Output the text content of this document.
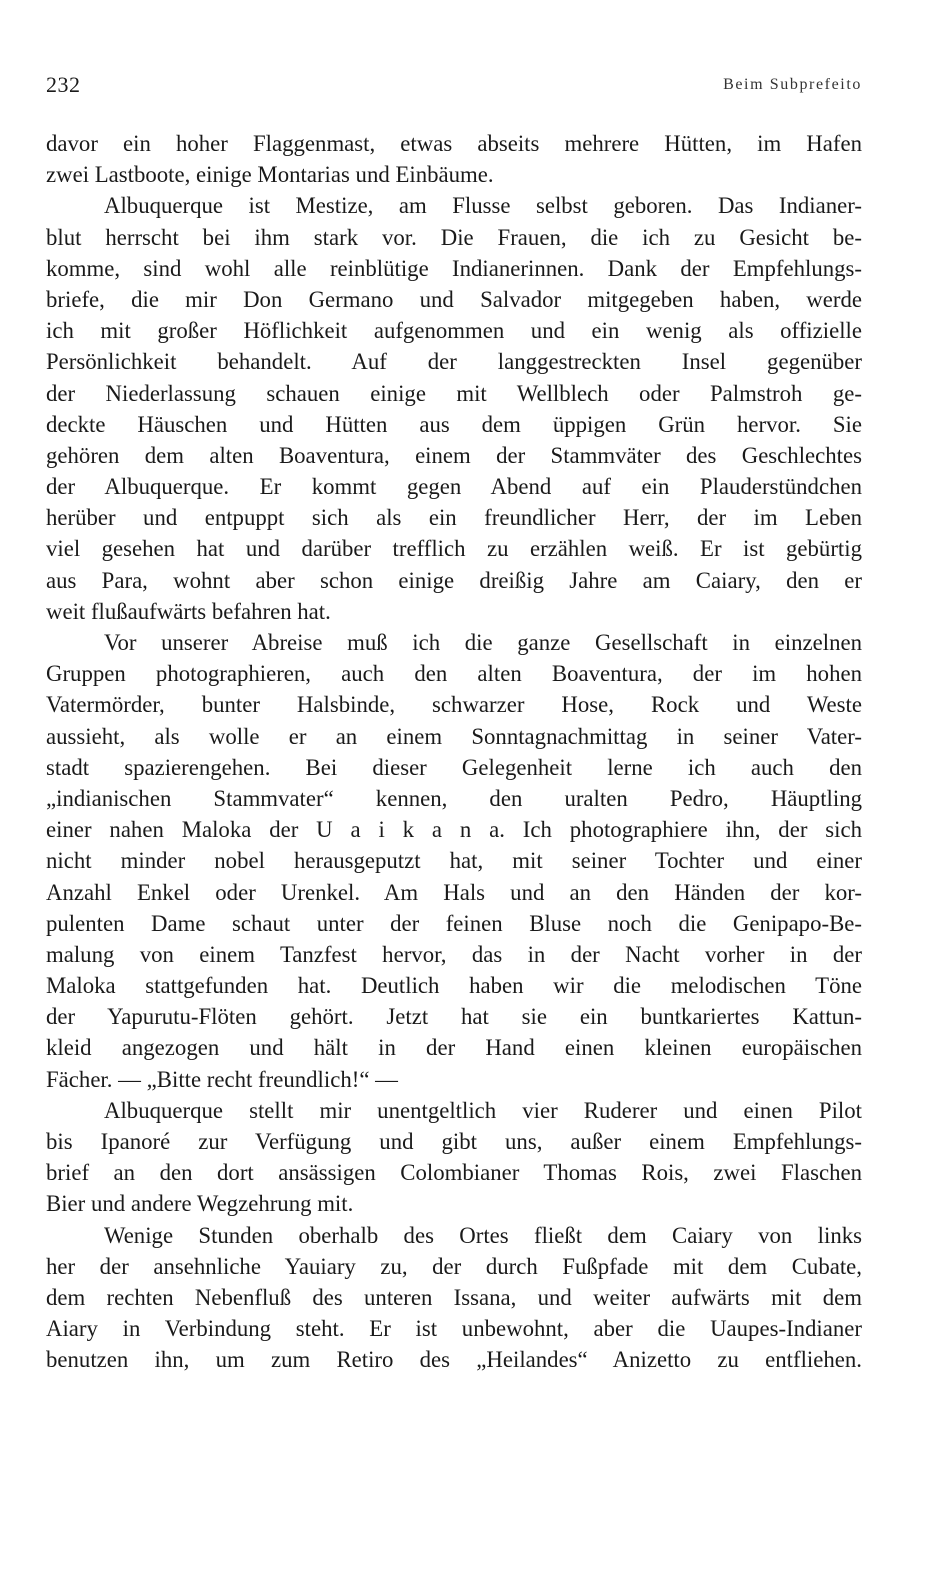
232	Beim Subprefeito
davor ein hoher Flaggenmast, etwas abseits mehrere Hütten, im Hafen
zwei Lastboote, einige Montarias und Einbäume.
Albuquerque ist Mestize, am Flusse selbst geboren. Das Indianer-
blut herrscht bei ihm stark vor. Die Frauen, die ich zu Gesicht be-
komme, sind wohl alle reinblütige Indianerinnen. Dank der Empfehlungs-
briefe, die mir Don Germano und Salvador mitgegeben haben, werde
ich mit großer Höflichkeit aufgenommen und ein wenig als offizielle
Persönlichkeit behandelt. Auf der langgestreckten Insel gegenüber
der Niederlassung schauen einige mit Wellblech oder Palmstroh ge-
deckte Häuschen und Hütten aus dem üppigen Grün hervor. Sie
gehören dem alten Boaventura, einem der Stammväter des Geschlechtes
der Albuquerque. Er kommt gegen Abend auf ein Plauderstündchen
herüber und entpuppt sich als ein freundlicher Herr, der im Leben
viel gesehen hat und darüber trefflich zu erzählen weiß. Er ist gebürtig
aus Para, wohnt aber schon einige dreißig Jahre am Caiary, den er
weit flußaufwärts befahren hat.
Vor unserer Abreise muß ich die ganze Gesellschaft in einzelnen
Gruppen photographieren, auch den alten Boaventura, der im hohen
Vatermörder, bunter Halsbinde, schwarzer Hose, Rock und Weste
aussieht, als wolle er an einem Sonntagnachmittag in seiner Vater-
stadt spazierengehen. Bei dieser Gelegenheit lerne ich auch den
„indianischen Stammvater“ kennen, den uralten Pedro, Häuptling
einer nahen Maloka der U a i k a n a. Ich photographiere ihn, der sich
nicht minder nobel herausgeputzt hat, mit seiner Tochter und einer
Anzahl Enkel oder Urenkel. Am Hals und an den Händen der kor-
pulenten Dame schaut unter der feinen Bluse noch die Genipapo-Be-
malung von einem Tanzfest hervor, das in der Nacht vorher in der
Maloka stattgefunden hat. Deutlich haben wir die melodischen Töne
der Yapurutu-Flöten gehört. Jetzt hat sie ein buntkariertes Kattun-
kleid angezogen und hält in der Hand einen kleinen europäischen
Fächer. — „Bitte recht freundlich!“ —
Albuquerque stellt mir unentgeltlich vier Ruderer und einen Pilot
bis Ipanoré zur Verfügung und gibt uns, außer einem Empfehlungs-
brief an den dort ansässigen Colombianer Thomas Rois, zwei Flaschen
Bier und andere Wegzehrung mit.
Wenige Stunden oberhalb des Ortes fließt dem Caiary von links
her der ansehnliche Yauiary zu, der durch Fußpfade mit dem Cubate,
dem rechten Nebenfluß des unteren Issana, und weiter aufwärts mit dem
Aiary in Verbindung steht. Er ist unbewohnt, aber die Uaupes-Indianer
benutzen ihn, um zum Retiro des „Heilandes“ Anizetto zu entfliehen.
